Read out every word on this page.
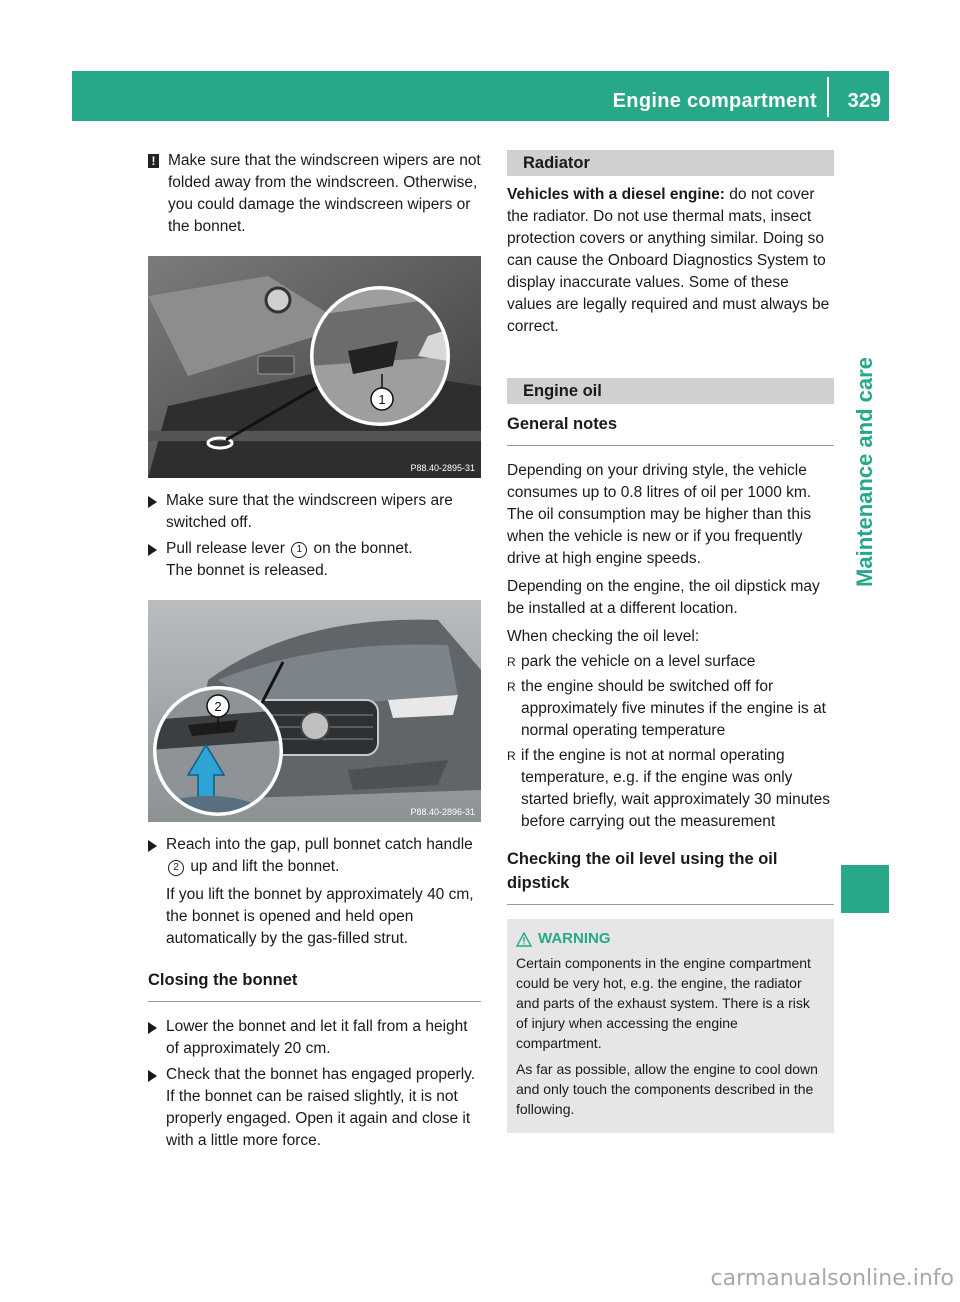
Engine compartment 329
Maintenance and care

! Make sure that the windscreen wipers are not folded away from the windscreen. Otherwise, you could damage the windscreen wipers or the bonnet.

1
P88.40-2895-31

Make sure that the windscreen wipers are switched off.

Pull release lever 1 on the bonnet.
The bonnet is released.

2
P88.40-2896-31

Reach into the gap, pull bonnet catch handle 2 up and lift the bonnet.

If you lift the bonnet by approximately 40 cm, the bonnet is opened and held open automatically by the gas-filled strut.

Closing the bonnet

Lower the bonnet and let it fall from a height of approximately 20 cm.

Check that the bonnet has engaged properly.
If the bonnet can be raised slightly, it is not properly engaged. Open it again and close it with a little more force.

Radiator

Vehicles with a diesel engine: do not cover the radiator. Do not use thermal mats, insect protection covers or anything similar. Doing so can cause the Onboard Diagnostics System to display inaccurate values. Some of these values are legally required and must always be correct.

Engine oil
General notes

Depending on your driving style, the vehicle consumes up to 0.8 litres of oil per 1000 km. The oil consumption may be higher than this when the vehicle is new or if you frequently drive at high engine speeds.

Depending on the engine, the oil dipstick may be installed at a different location.

When checking the oil level:

R park the vehicle on a level surface

R the engine should be switched off for approximately five minutes if the engine is at normal operating temperature

R if the engine is not at normal operating temperature, e.g. if the engine was only started briefly, wait approximately 30 minutes before carrying out the measurement

Checking the oil level using the oil dipstick
WARNING

Certain components in the engine compartment could be very hot, e.g. the engine, the radiator and parts of the exhaust system. There is a risk of injury when accessing the engine compartment.

As far as possible, allow the engine to cool down and only touch the components described in the following.

carmanualsonline.info
